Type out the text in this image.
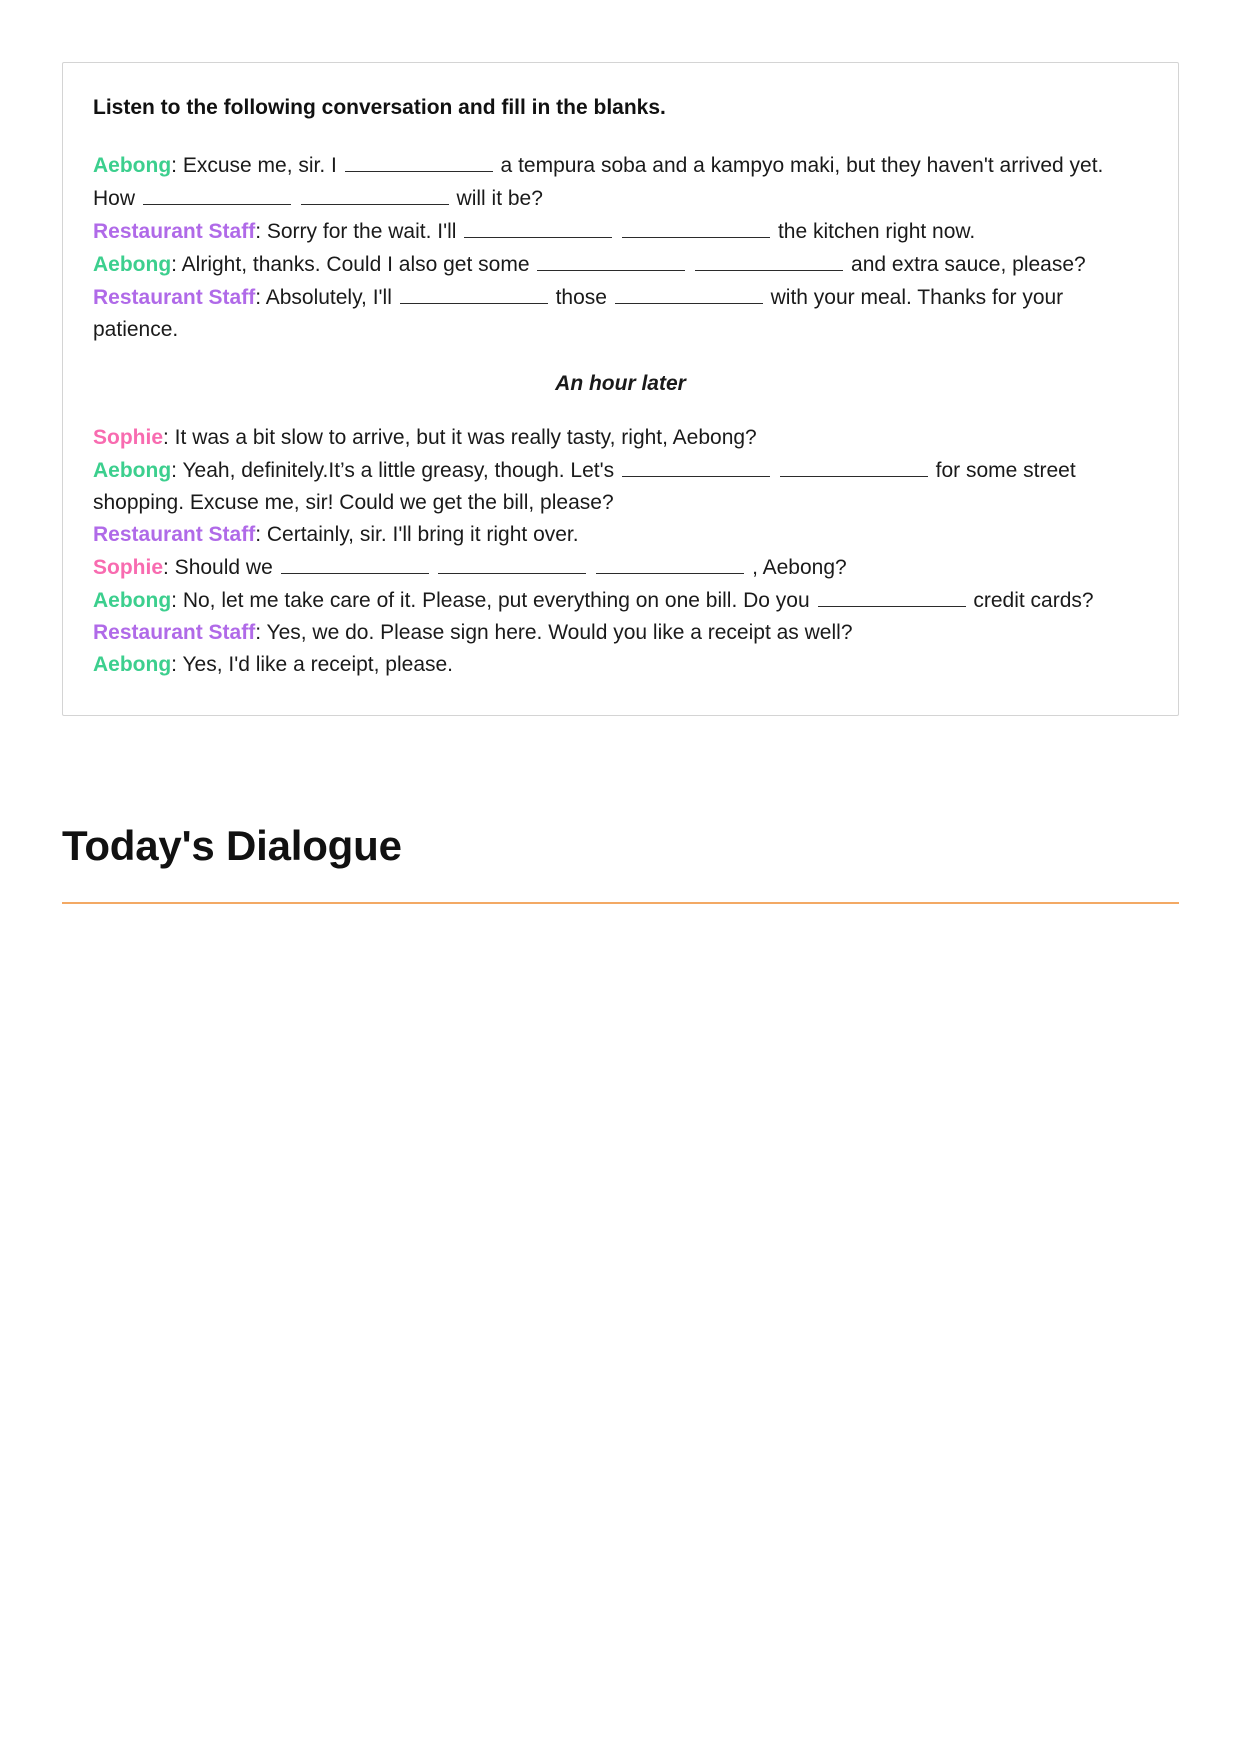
Listen to the following conversation and fill in the blanks.

Aebong: Excuse me, sir. I	a tempura soba and a kampyo maki, but they haven't arrived yet. How	will it be?

Restaurant Staff: Sorry for the wait. I'll	the kitchen right now.

Aebong: Alright, thanks. Could I also get some	and extra sauce, please?

Restaurant Staff: Absolutely, I'll	those	with your meal. Thanks for your patience.

An hour later

Sophie: It was a bit slow to arrive, but it was really tasty, right, Aebong?

Aebong: Yeah, definitely.It’s a little greasy, though. Let's	for some street shopping. Excuse me, sir! Could we get the bill, please?

Restaurant Staff: Certainly, sir. I'll bring it right over.

Sophie: Should we	, Aebong?

Aebong: No, let me take care of it. Please, put everything on one bill. Do you	credit cards?

Restaurant Staff: Yes, we do. Please sign here. Would you like a receipt as well?

Aebong: Yes, I'd like a receipt, please.

Today's Dialogue
